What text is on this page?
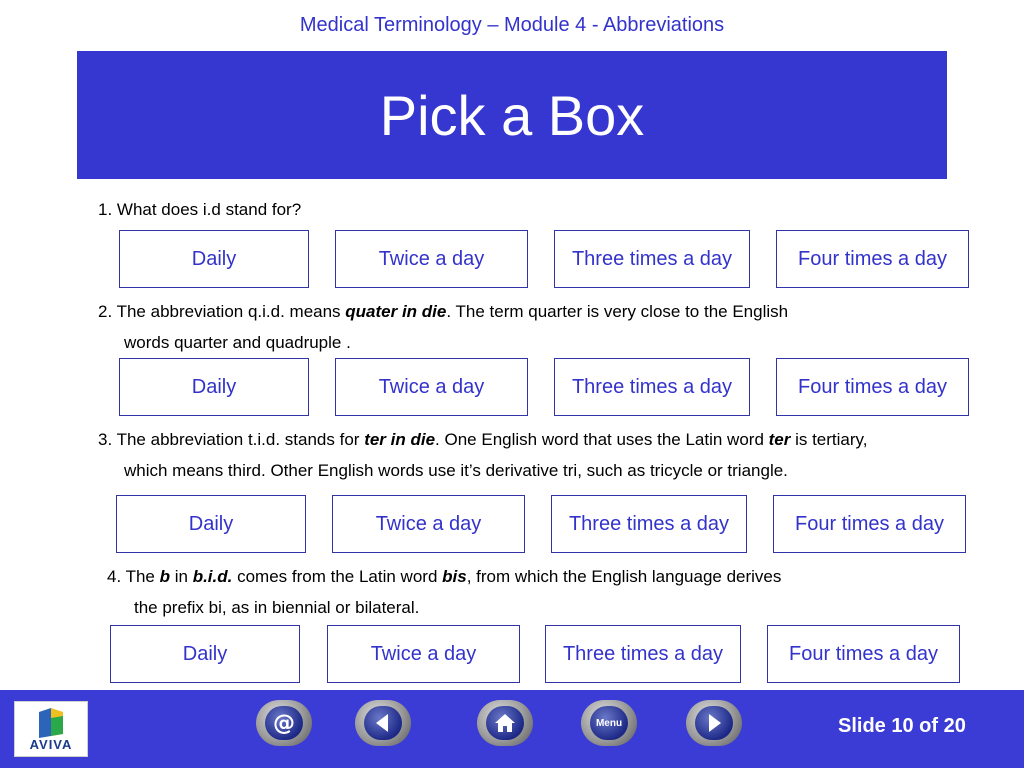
Medical Terminology – Module 4 - Abbreviations
Pick a Box
1. What does i.d stand for?
Daily	Twice a day	Three times a day	Four times a day
2. The abbreviation q.i.d. means quater in die. The term quarter is very close to the English
words quarter and quadruple .
Daily	Twice a day	Three times a day	Four times a day
3. The abbreviation t.i.d. stands for ter in die. One English word that uses the Latin word ter is tertiary,
which means third. Other English words use it’s derivative tri, such as tricycle or triangle.
Daily	Twice a day	Three times a day	Four times a day
4. The b in b.i.d. comes from the Latin word bis, from which the English language derives
the prefix bi, as in biennial or bilateral.
Daily	Twice a day	Three times a day	Four times a day
AVIVA
@	Menu	Slide 10 of 20
